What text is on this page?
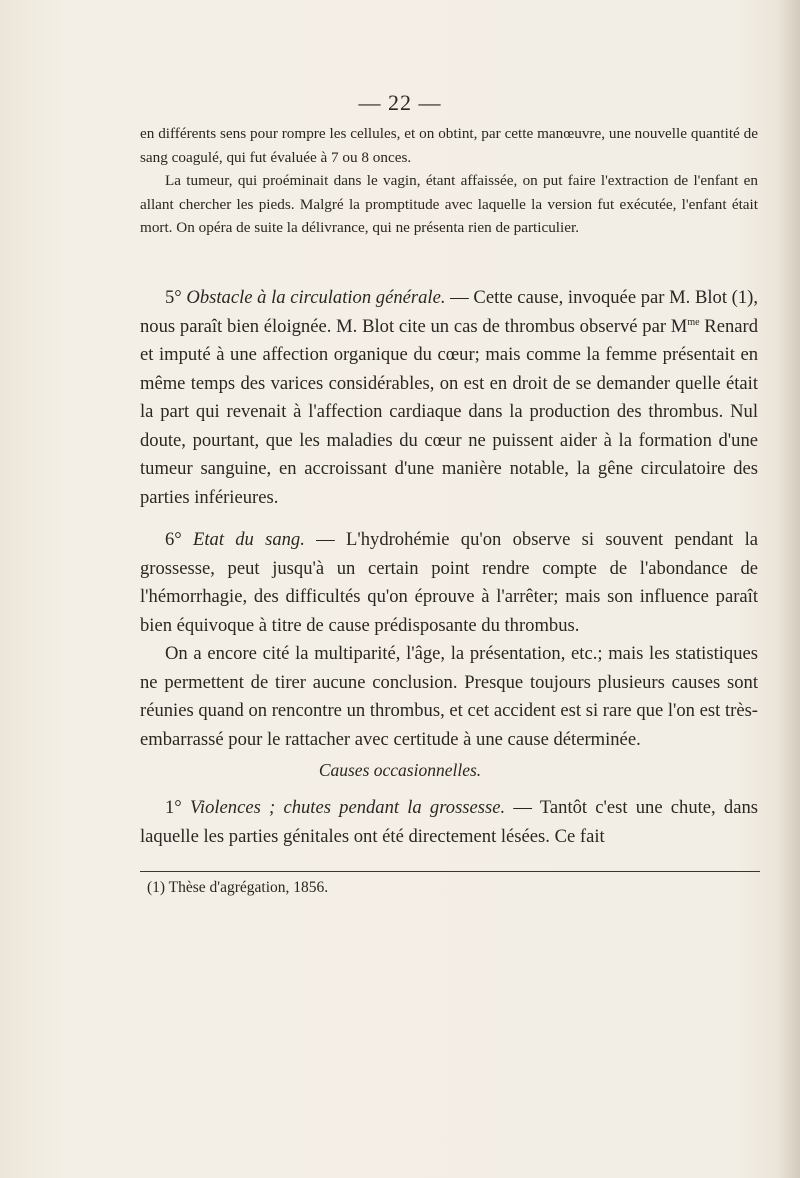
— 22 —

en différents sens pour rompre les cellules, et on obtint, par cette manœuvre, une nouvelle quantité de sang coagulé, qui fut évaluée à 7 ou 8 onces.

La tumeur, qui proéminait dans le vagin, étant affaissée, on put faire l'extraction de l'enfant en allant chercher les pieds. Malgré la promptitude avec laquelle la version fut exécutée, l'enfant était mort. On opéra de suite la délivrance, qui ne présenta rien de particulier.

5° Obstacle à la circulation générale. — Cette cause, invoquée par M. Blot (1), nous paraît bien éloignée. M. Blot cite un cas de thrombus observé par $M^{me}$ Renard et imputé à une affection organique du cœur; mais comme la femme présentait en même temps des varices considérables, on est en droit de se demander quelle était la part qui revenait à l'affection cardiaque dans la production des thrombus. Nul doute, pourtant, que les maladies du cœur ne puissent aider à la formation d'une tumeur sanguine, en accroissant d'une manière notable, la gêne circulatoire des parties inférieures.

6° Etat du sang. — L'hydrohémie qu'on observe si souvent pendant la grossesse, peut jusqu'à un certain point rendre compte de l'abondance de l'hémorrhagie, des difficultés qu'on éprouve à l'arrêter; mais son influence paraît bien équivoque à titre de cause prédisposante du thrombus.

On a encore cité la multiparité, l'âge, la présentation, etc.; mais les statistiques ne permettent de tirer aucune conclusion. Presque toujours plusieurs causes sont réunies quand on rencontre un thrombus, et cet accident est si rare que l'on est très-embarrassé pour le rattacher avec certitude à une cause déterminée.

Causes occasionnelles.

1° Violences ; chutes pendant la grossesse. — Tantôt c'est une chute, dans laquelle les parties génitales ont été directement lésées. Ce fait

(1) Thèse d'agrégation, 1856.
